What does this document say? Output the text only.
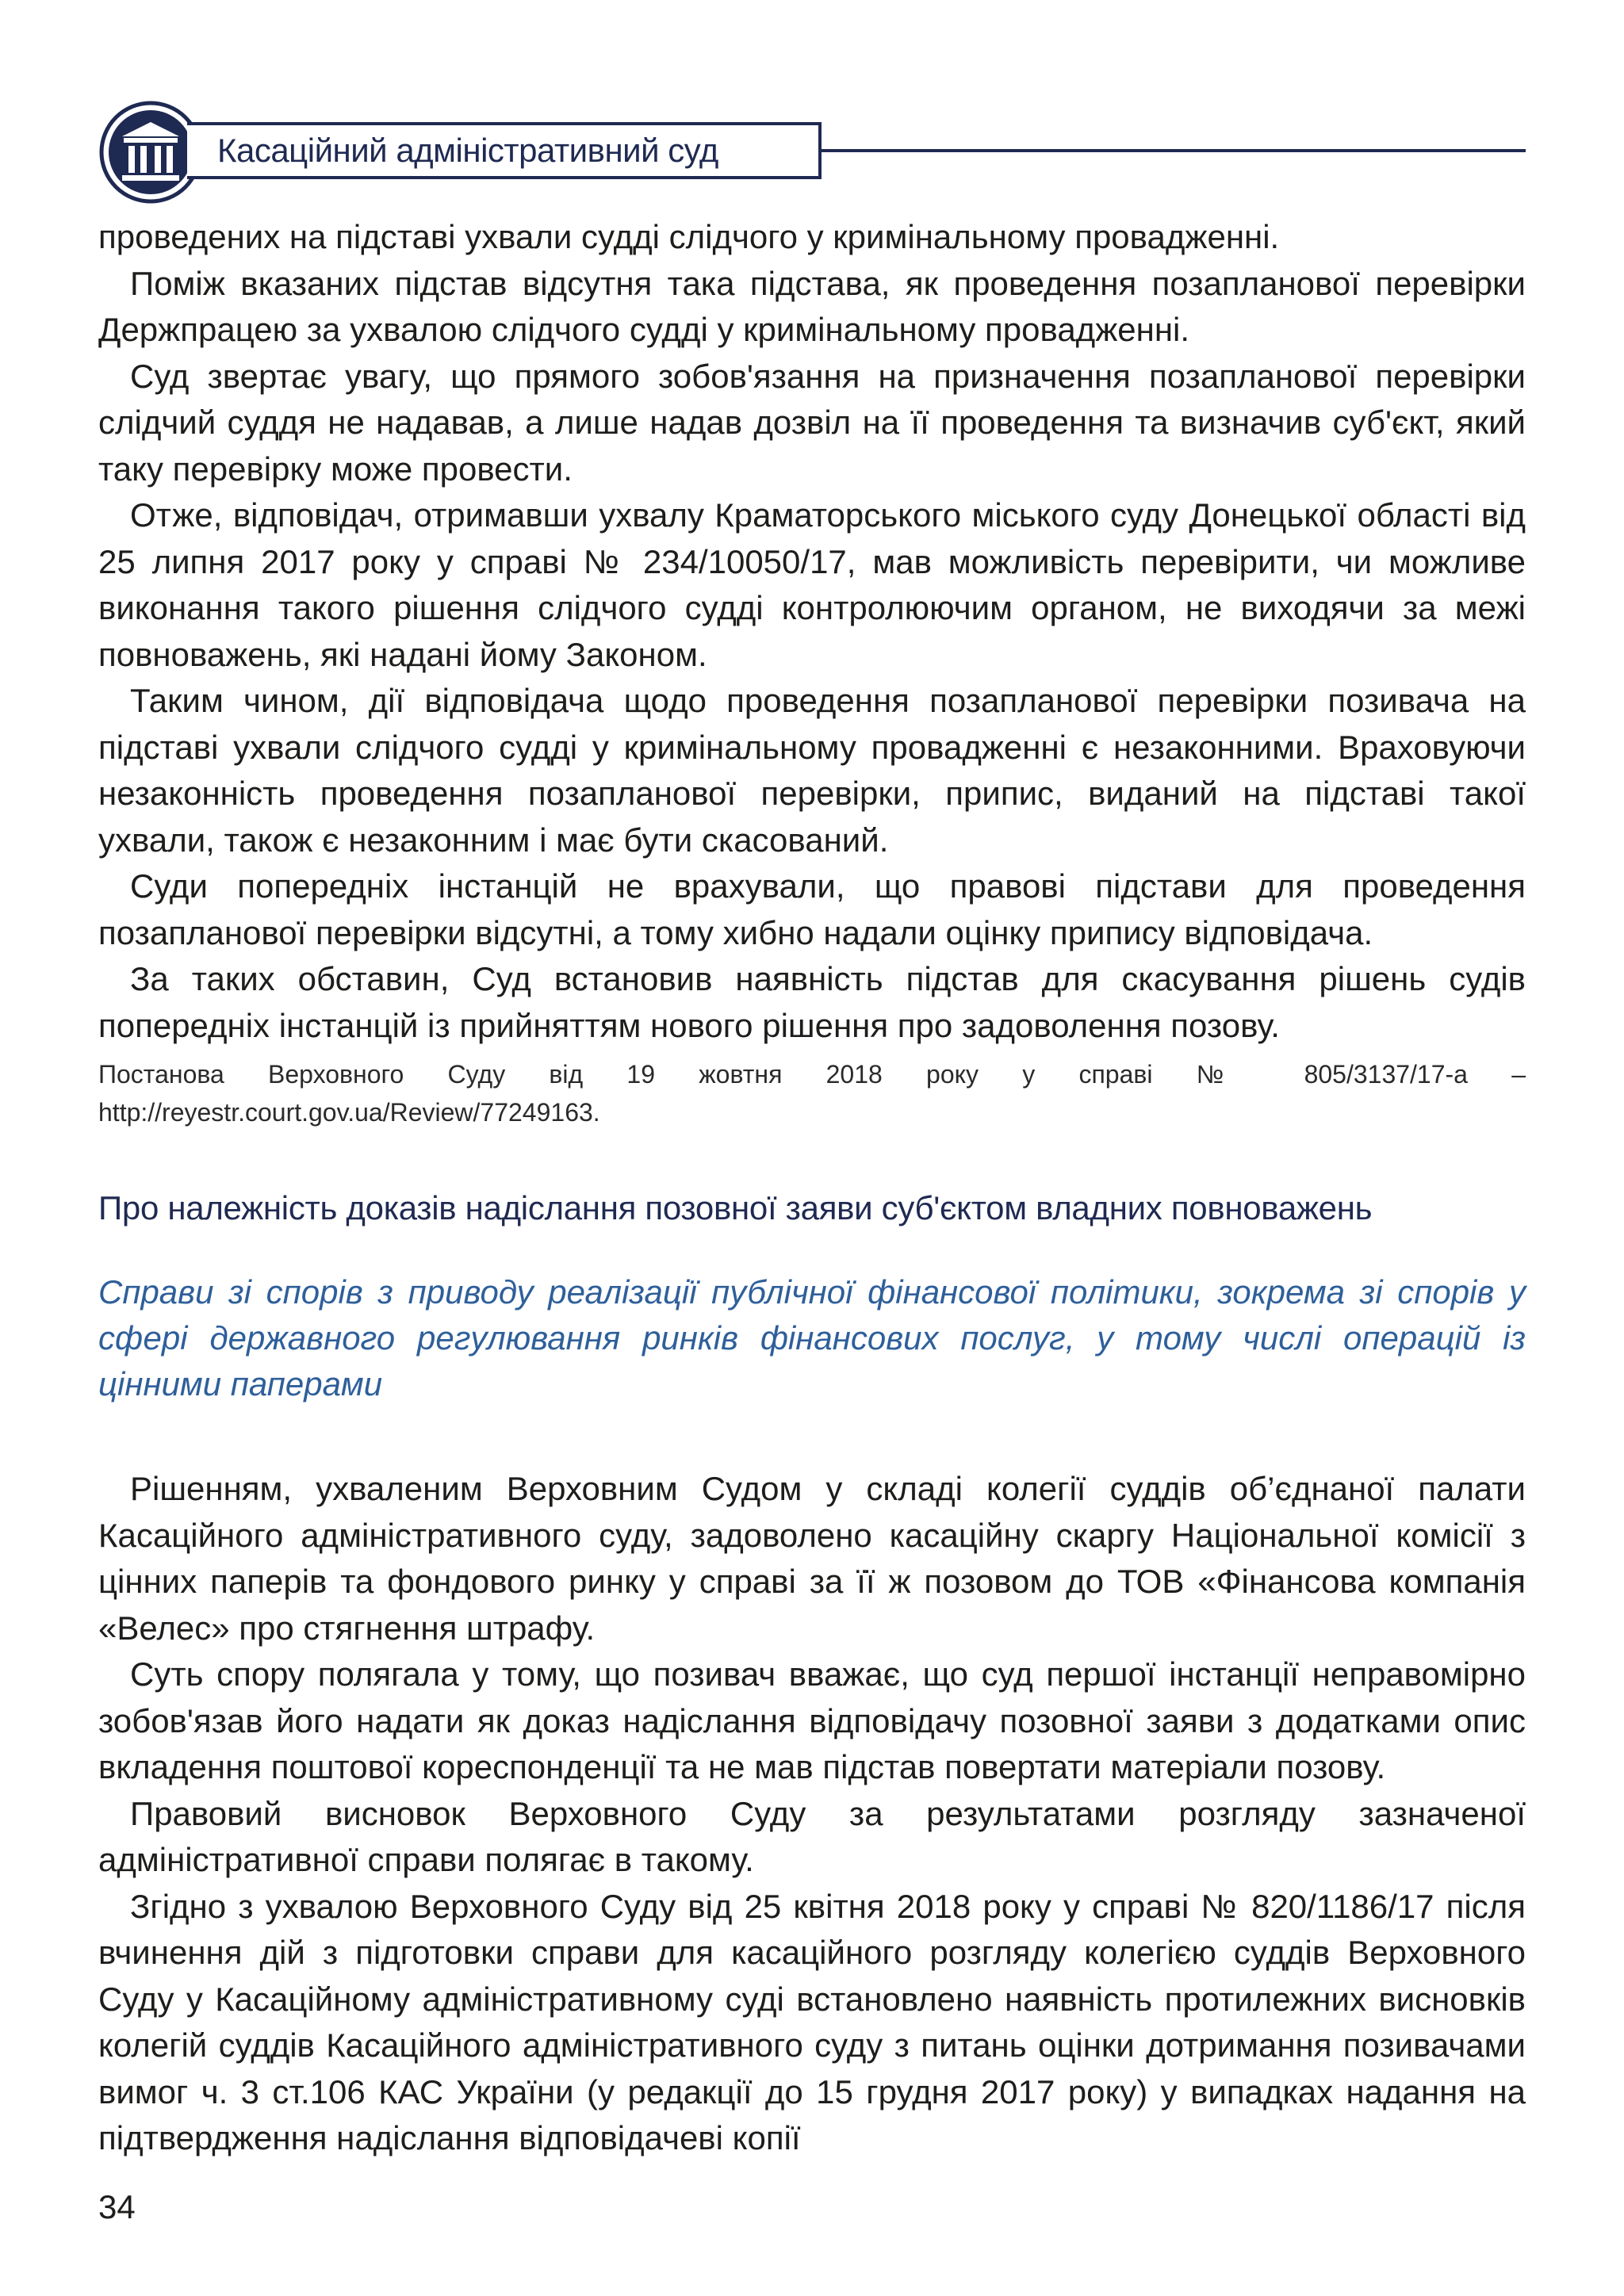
Касаційний адміністративний суд

проведених на підставі ухвали судді слідчого у кримінальному провадженні.

Поміж вказаних підстав відсутня така підстава, як проведення позапланової перевірки Держпрацею за ухвалою слідчого судді у кримінальному провадженні.

Суд звертає увагу, що прямого зобов'язання на призначення позапланової перевірки слідчий суддя не надавав, а лише надав дозвіл на її проведення та визначив суб'єкт, який таку перевірку може провести.

Отже, відповідач, отримавши ухвалу Краматорського міського суду Донецької області від 25 липня 2017 року у справі № 234/10050/17, мав можливість перевірити, чи можливе виконання такого рішення слідчого судді контролюючим органом, не виходячи за межі повноважень, які надані йому Законом.

Таким чином, дії відповідача щодо проведення позапланової перевірки позивача на підставі ухвали слідчого судді у кримінальному провадженні є незаконними. Враховуючи незаконність проведення позапланової перевірки, припис, виданий на підставі такої ухвали, також є незаконним і має бути скасований.

Суди попередніх інстанцій не врахували, що правові підстави для проведення позапланової перевірки відсутні, а тому хибно надали оцінку припису відповідача.

За таких обставин, Суд встановив наявність підстав для скасування рішень судів попередніх інстанцій із прийняттям нового рішення про задоволення позову.

Постанова Верховного Суду від 19 жовтня 2018 року у справі № 805/3137/17-а – http://reyestr.court.gov.ua/Review/77249163.

Про належність доказів надіслання позовної заяви суб'єктом владних повноважень

Справи зі спорів з приводу реалізації публічної фінансової політики, зокрема зі спорів у сфері державного регулювання ринків фінансових послуг, у тому числі операцій із цінними паперами

Рішенням, ухваленим Верховним Судом у складі колегії суддів об’єднаної палати Касаційного адміністративного суду, задоволено касаційну скаргу Національної комісії з цінних паперів та фондового ринку у справі за її ж позовом до ТОВ «Фінансова компанія «Велес» про стягнення штрафу.

Суть спору полягала у тому, що позивач вважає, що суд першої інстанції неправомірно зобов'язав його надати як доказ надіслання відповідачу позовної заяви з додатками опис вкладення поштової кореспонденції та не мав підстав повертати матеріали позову.

Правовий висновок Верховного Суду за результатами розгляду зазначеної адміністративної справи полягає в такому.

Згідно з ухвалою Верховного Суду від 25 квітня 2018 року у справі № 820/1186/17 після вчинення дій з підготовки справи для касаційного розгляду колегією суддів Верховного Суду у Касаційному адміністративному суді встановлено наявність протилежних висновків колегій суддів Касаційного адміністративного суду з питань оцінки дотримання позивачами вимог ч. 3 ст.106 КАС України (у редакції до 15 грудня 2017 року) у випадках надання на підтвердження надіслання відповідачеві копії

34
